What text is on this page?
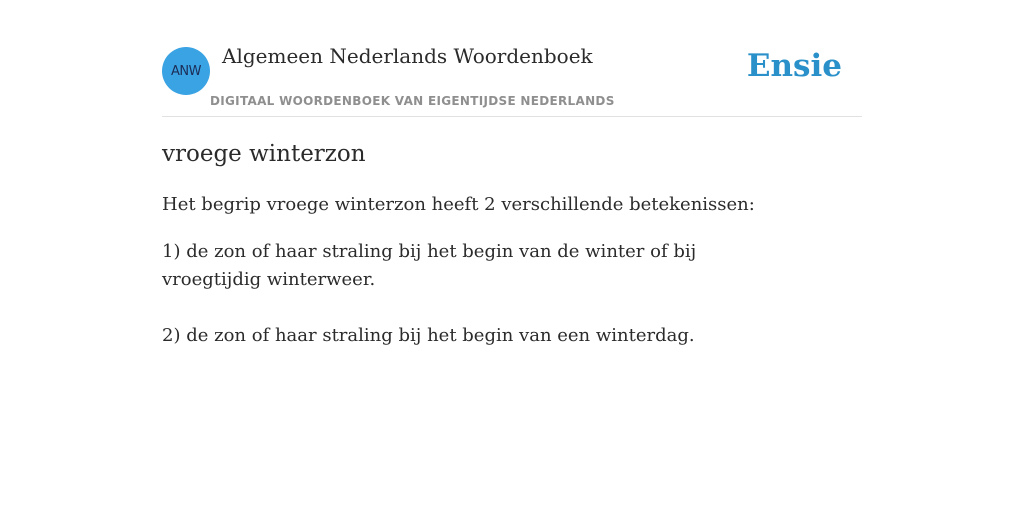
ANW
Algemeen Nederlands Woordenboek
DIGITAAL WOORDENBOEK VAN EIGENTIJDSE NEDERLANDS
Ensie
vroege winterzon

Het begrip vroege winterzon heeft 2 verschillende betekenissen:

1) de zon of haar straling bij het begin van de winter of bij vroegtijdig winterweer.

2) de zon of haar straling bij het begin van een winterdag.
